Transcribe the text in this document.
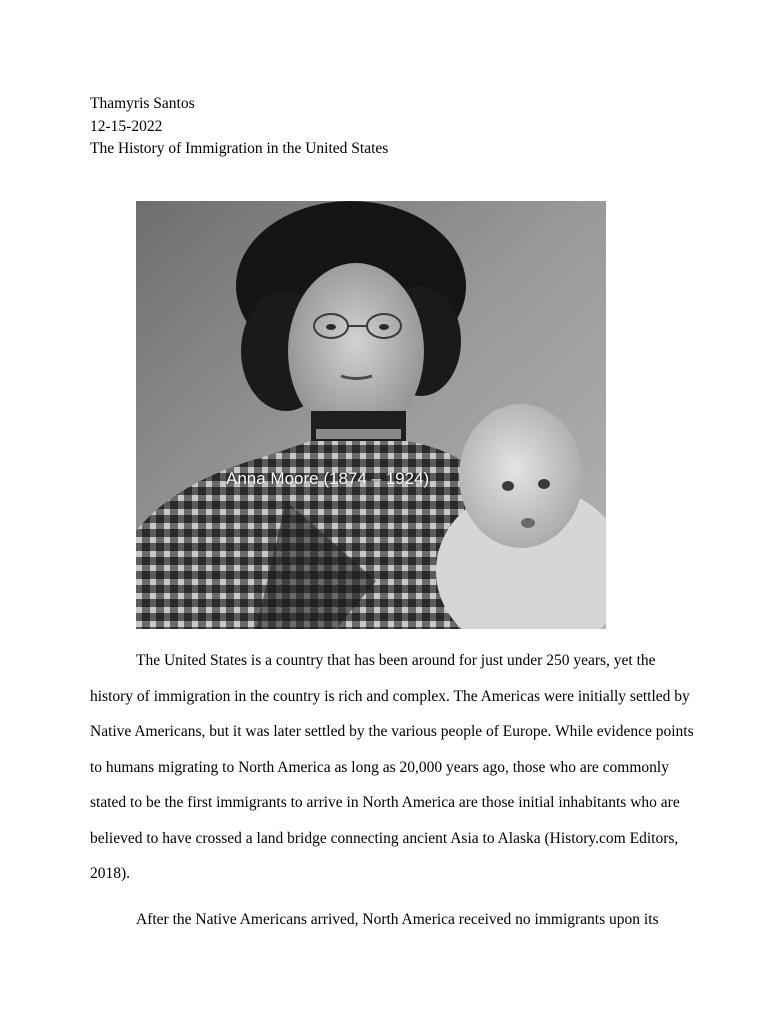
Thamyris Santos
12-15-2022
The History of Immigration in the United States
Anna Moore (1874 – 1924)

The United States is a country that has been around for just under 250 years, yet the
history of immigration in the country is rich and complex. The Americas were initially settled by
Native Americans, but it was later settled by the various people of Europe. While evidence points
to humans migrating to North America as long as 20,000 years ago, those who are commonly
stated to be the first immigrants to arrive in North America are those initial inhabitants who are
believed to have crossed a land bridge connecting ancient Asia to Alaska (History.com Editors,
2018).

After the Native Americans arrived, North America received no immigrants upon its
